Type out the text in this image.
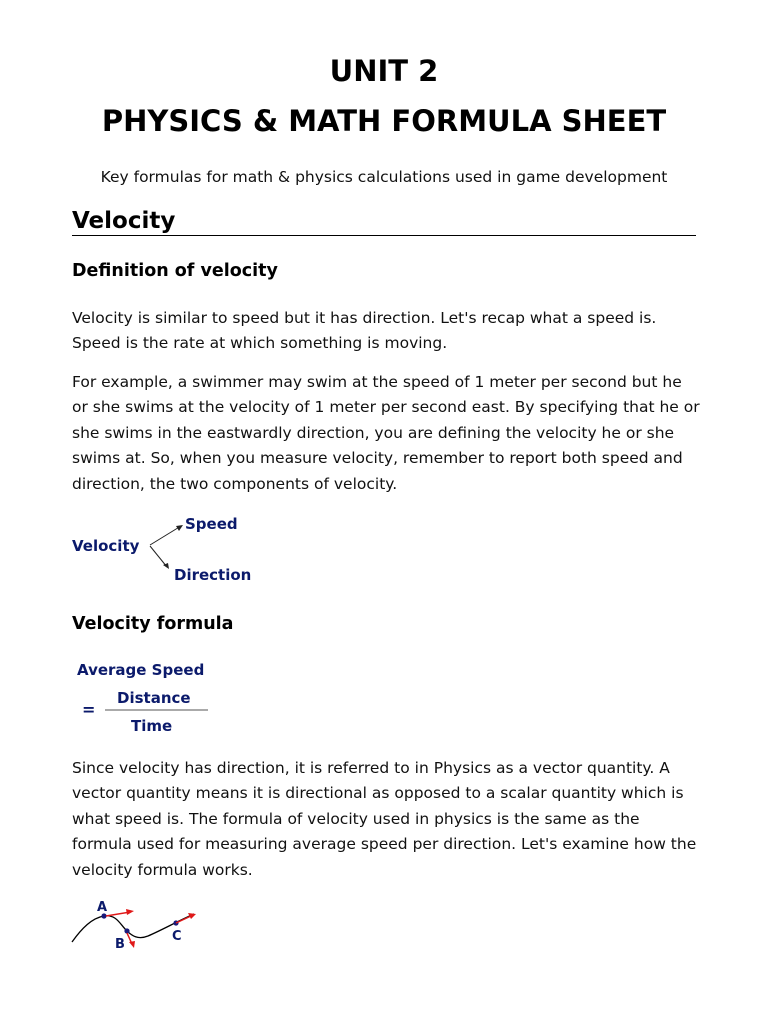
UNIT 2
PHYSICS & MATH FORMULA SHEET
Key formulas for math & physics calculations used in game development
Velocity
Definition of velocity
Velocity is similar to speed but it has direction. Let's recap what a speed is. Speed is the rate at which something is moving.
For example, a swimmer may swim at the speed of 1 meter per second but he or she swims at the velocity of 1 meter per second east. By specifying that he or she swims in the eastwardly direction, you are defining the velocity he or she swims at. So, when you measure velocity, remember to report both speed and direction, the two components of velocity.
Velocity
Speed
Direction
Velocity formula
Average Speed
=
Distance
Time
Since velocity has direction, it is referred to in Physics as a vector quantity. A vector quantity means it is directional as opposed to a scalar quantity which is what speed is. The formula of velocity used in physics is the same as the formula used for measuring average speed per direction. Let's examine how the velocity formula works.
A
B
C
